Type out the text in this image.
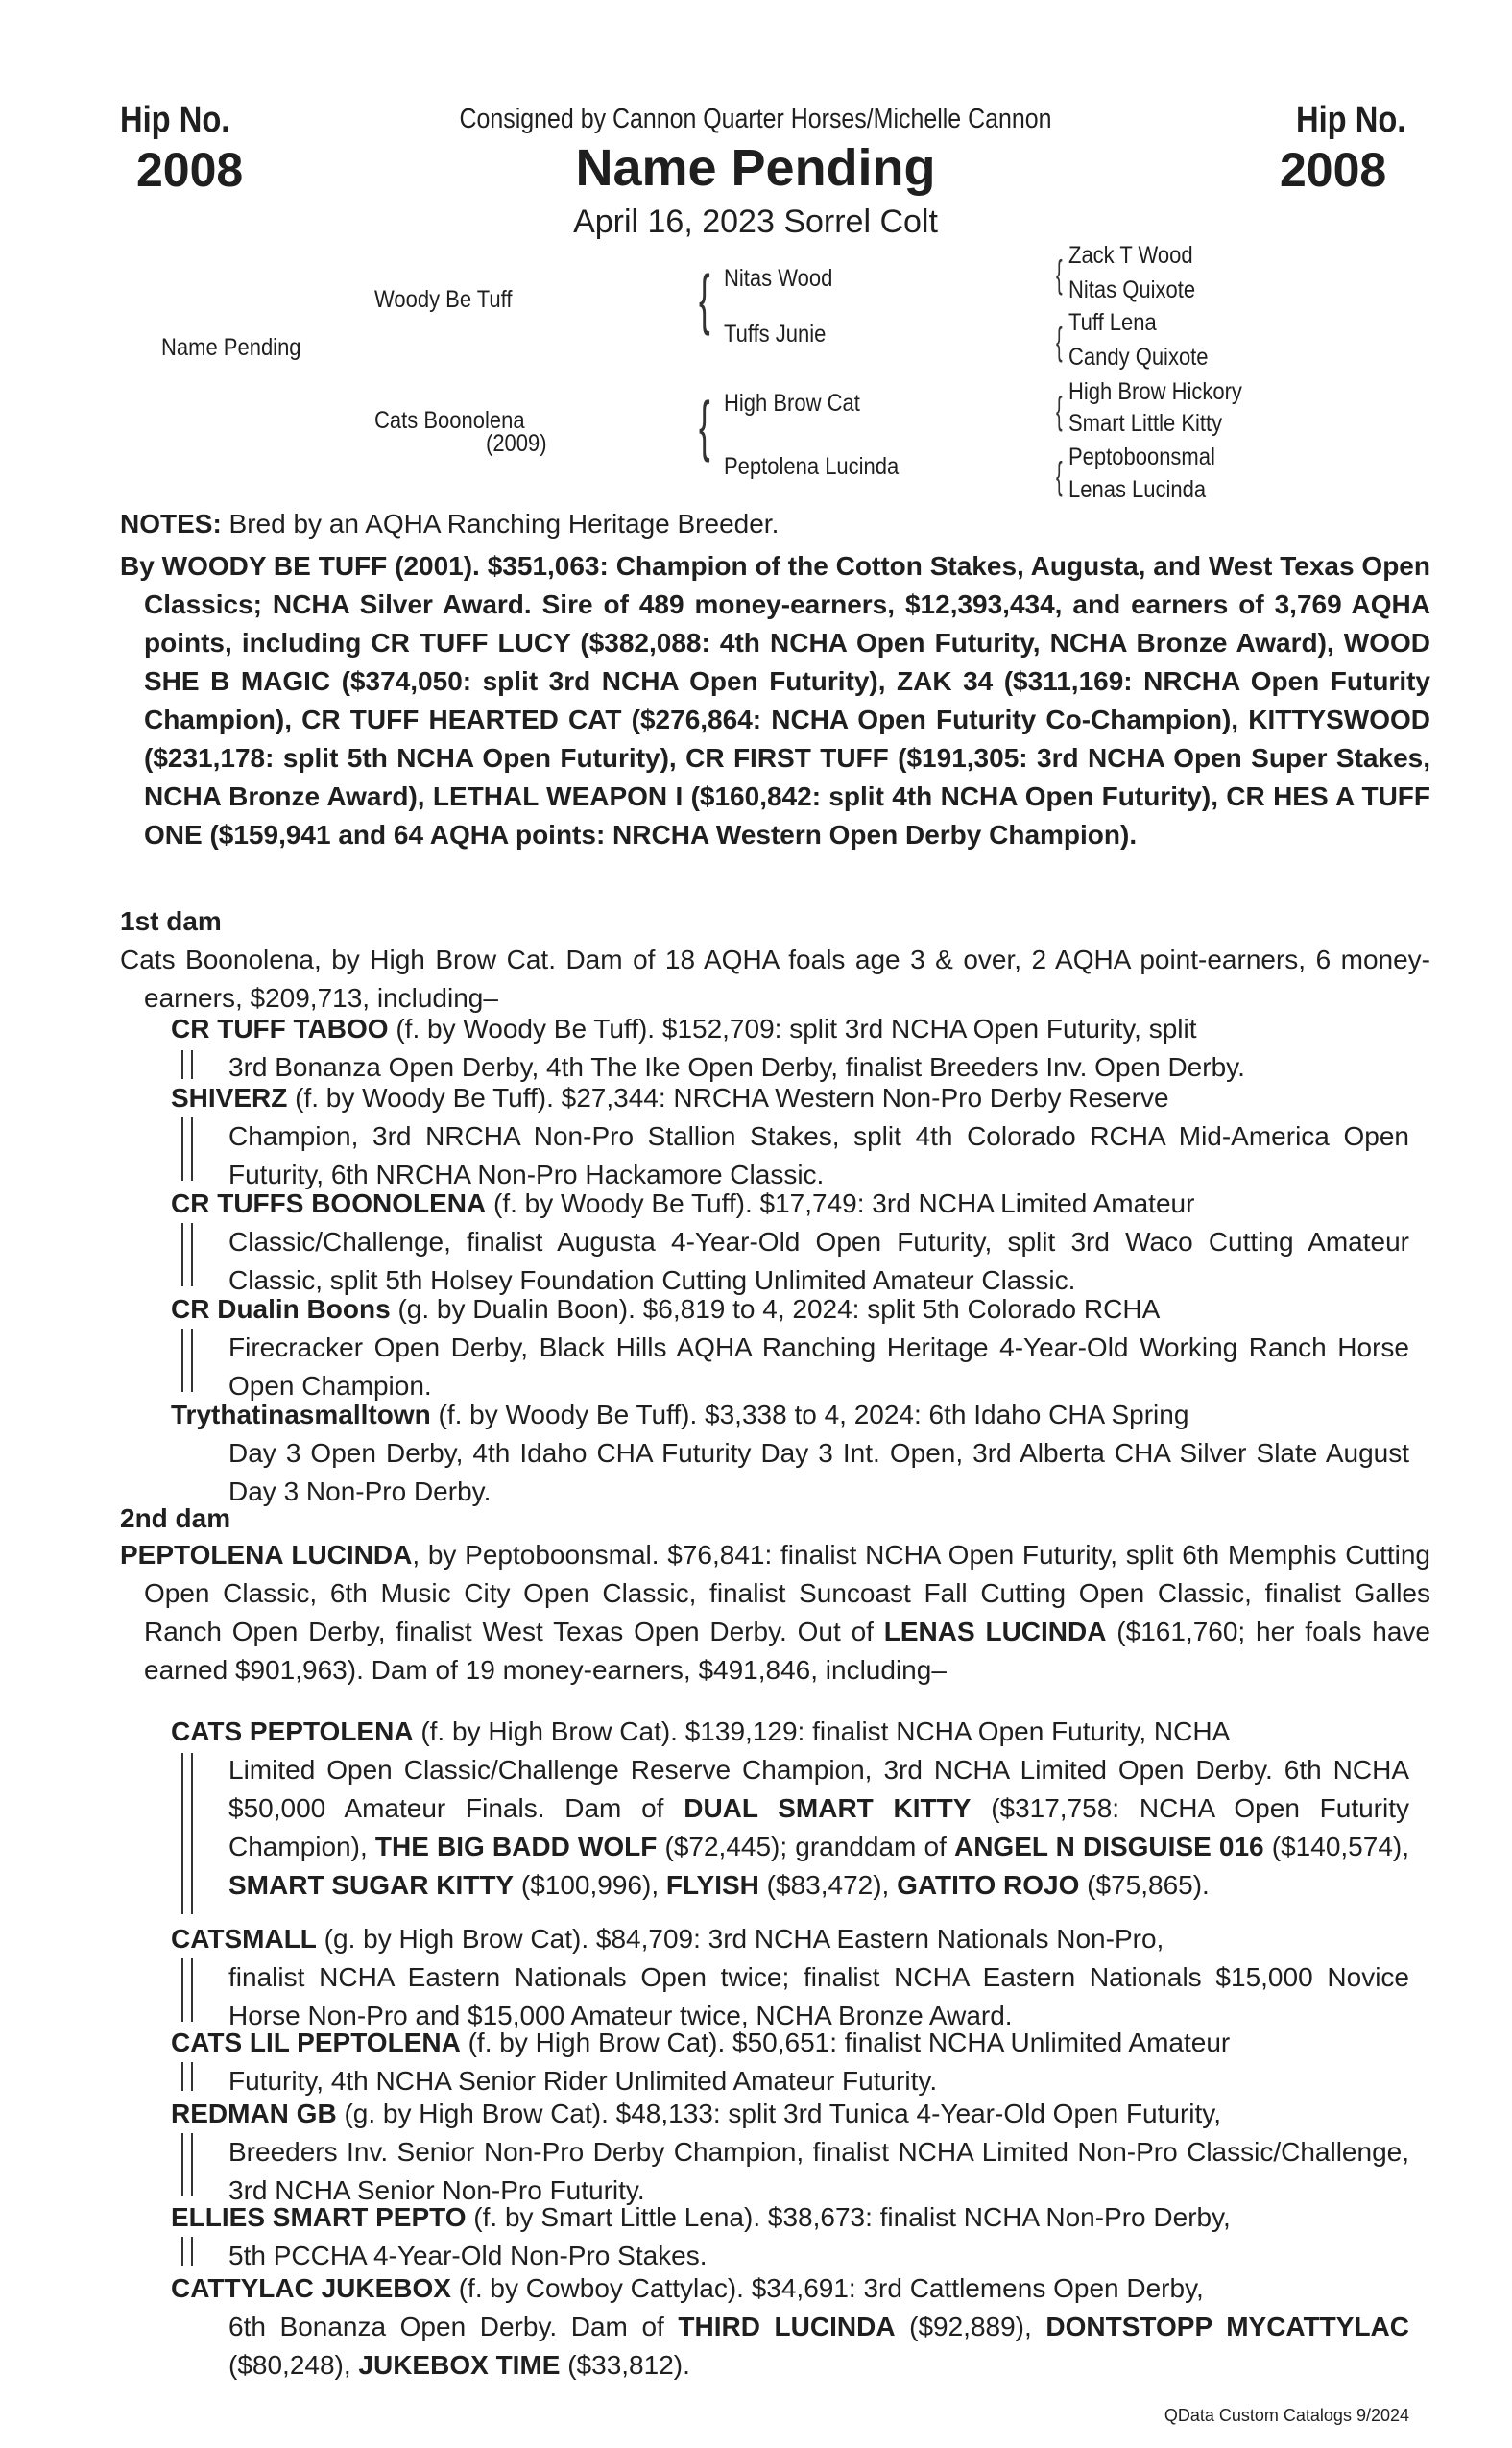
Hip No.
2008
Hip No.
2008
Consigned by Cannon Quarter Horses/Michelle Cannon
Name Pending
April 16, 2023 Sorrel Colt
Name Pending
Woody Be Tuff
Cats Boonolena
(2009)
{ Nitas Wood
Tuffs Junie
{ High Brow Cat
Peptolena Lucinda
{ Zack T Wood
Nitas Quixote
{ Tuff Lena
Candy Quixote
{ High Brow Hickory
Smart Little Kitty
{ Peptoboonsmal
Lenas Lucinda
NOTES: Bred by an AQHA Ranching Heritage Breeder.
By WOODY BE TUFF (2001). $351,063: Champion of the Cotton Stakes, Augusta, and West Texas Open Classics; NCHA Silver Award. Sire of 489 money-earners, $12,393,434, and earners of 3,769 AQHA points, including CR TUFF LUCY ($382,088: 4th NCHA Open Futurity, NCHA Bronze Award), WOOD SHE B MAGIC ($374,050: split 3rd NCHA Open Futurity), ZAK 34 ($311,169: NRCHA Open Futurity Champion), CR TUFF HEARTED CAT ($276,864: NCHA Open Futurity Co-Champion), KITTYSWOOD ($231,178: split 5th NCHA Open Futurity), CR FIRST TUFF ($191,305: 3rd NCHA Open Super Stakes, NCHA Bronze Award), LETHAL WEAPON I ($160,842: split 4th NCHA Open Futurity), CR HES A TUFF ONE ($159,941 and 64 AQHA points: NRCHA Western Open Derby Champion).
1st dam
Cats Boonolena, by High Brow Cat. Dam of 18 AQHA foals age 3 & over, 2 AQHA point-earners, 6 money-earners, $209,713, including–
CR TUFF TABOO (f. by Woody Be Tuff). $152,709: split 3rd NCHA Open Futurity, split
3rd Bonanza Open Derby, 4th The Ike Open Derby, finalist Breeders Inv. Open Derby.
SHIVERZ (f. by Woody Be Tuff). $27,344: NRCHA Western Non-Pro Derby Reserve
Champion, 3rd NRCHA Non-Pro Stallion Stakes, split 4th Colorado RCHA Mid-America Open Futurity, 6th NRCHA Non-Pro Hackamore Classic.
CR TUFFS BOONOLENA (f. by Woody Be Tuff). $17,749: 3rd NCHA Limited Amateur
Classic/Challenge, finalist Augusta 4-Year-Old Open Futurity, split 3rd Waco Cutting Amateur Classic, split 5th Holsey Foundation Cutting Unlimited Amateur Classic.
CR Dualin Boons (g. by Dualin Boon). $6,819 to 4, 2024: split 5th Colorado RCHA
Firecracker Open Derby, Black Hills AQHA Ranching Heritage 4-Year-Old Working Ranch Horse Open Champion.
Trythatinasmalltown (f. by Woody Be Tuff). $3,338 to 4, 2024: 6th Idaho CHA Spring
Day 3 Open Derby, 4th Idaho CHA Futurity Day 3 Int. Open, 3rd Alberta CHA Silver Slate August Day 3 Non-Pro Derby.
2nd dam
PEPTOLENA LUCINDA, by Peptoboonsmal. $76,841: finalist NCHA Open Futurity, split 6th Memphis Cutting Open Classic, 6th Music City Open Classic, finalist Suncoast Fall Cutting Open Classic, finalist Galles Ranch Open Derby, finalist West Texas Open Derby. Out of LENAS LUCINDA ($161,760; her foals have earned $901,963). Dam of 19 money-earners, $491,846, including–
CATS PEPTOLENA (f. by High Brow Cat). $139,129: finalist NCHA Open Futurity, NCHA
Limited Open Classic/Challenge Reserve Champion, 3rd NCHA Limited Open Derby. 6th NCHA $50,000 Amateur Finals. Dam of DUAL SMART KITTY ($317,758: NCHA Open Futurity Champion), THE BIG BADD WOLF ($72,445); granddam of ANGEL N DISGUISE 016 ($140,574), SMART SUGAR KITTY ($100,996), FLYISH ($83,472), GATITO ROJO ($75,865).
CATSMALL (g. by High Brow Cat). $84,709: 3rd NCHA Eastern Nationals Non-Pro,
finalist NCHA Eastern Nationals Open twice; finalist NCHA Eastern Nationals $15,000 Novice Horse Non-Pro and $15,000 Amateur twice, NCHA Bronze Award.
CATS LIL PEPTOLENA (f. by High Brow Cat). $50,651: finalist NCHA Unlimited Amateur
Futurity, 4th NCHA Senior Rider Unlimited Amateur Futurity.
REDMAN GB (g. by High Brow Cat). $48,133: split 3rd Tunica 4-Year-Old Open Futurity,
Breeders Inv. Senior Non-Pro Derby Champion, finalist NCHA Limited Non-Pro Classic/Challenge, 3rd NCHA Senior Non-Pro Futurity.
ELLIES SMART PEPTO (f. by Smart Little Lena). $38,673: finalist NCHA Non-Pro Derby,
5th PCCHA 4-Year-Old Non-Pro Stakes.
CATTYLAC JUKEBOX (f. by Cowboy Cattylac). $34,691: 3rd Cattlemens Open Derby,
6th Bonanza Open Derby. Dam of THIRD LUCINDA ($92,889), DONTSTOPP MYCATTYLAC ($80,248), JUKEBOX TIME ($33,812).
QData Custom Catalogs 9/2024
